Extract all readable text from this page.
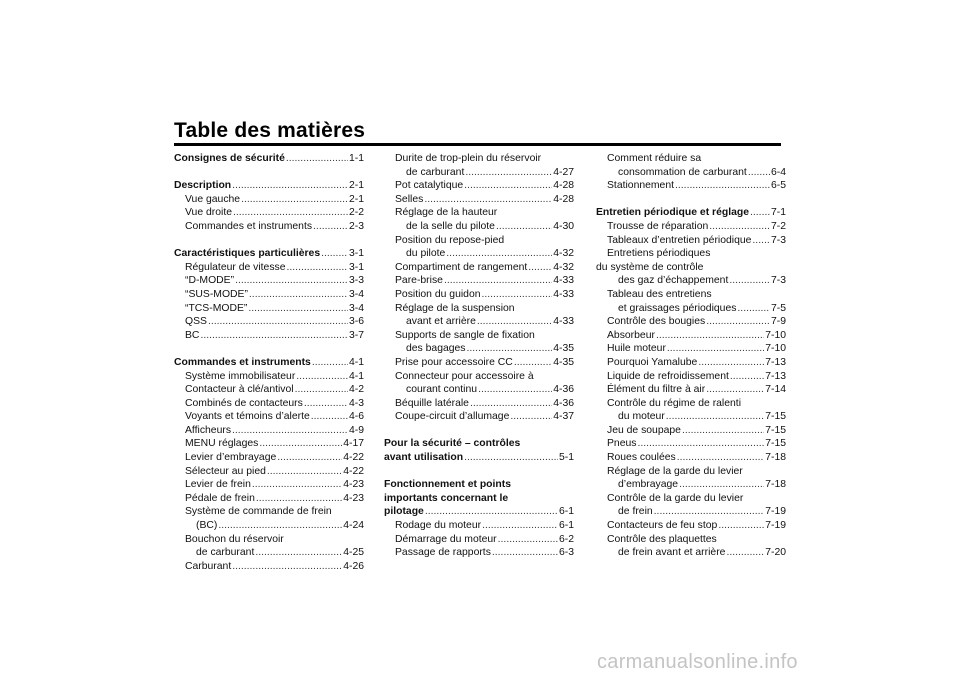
Table des matières
Consignes de sécurité .....	1-1
Description .....	2-1
Vue gauche .....	2-1
Vue droite .....	2-2
Commandes et instruments .....	2-3
Caractéristiques particulières .....	3-1
Régulateur de vitesse .....	3-1
“D-MODE” .....	3-3
“SUS-MODE” .....	3-4
“TCS-MODE” .....	3-4
QSS .....	3-6
BC .....	3-7
Commandes et instruments .....	4-1
Système immobilisateur .....	4-1
Contacteur à clé/antivol .....	4-2
Combinés de contacteurs .....	4-3
Voyants et témoins d’alerte .....	4-6
Afficheurs .....	4-9
MENU réglages .....	4-17
Levier d’embrayage .....	4-22
Sélecteur au pied .....	4-22
Levier de frein .....	4-23
Pédale de frein .....	4-23
Système de commande de frein
(BC) .....	4-24
Bouchon du réservoir
de carburant .....	4-25
Carburant .....	4-26
Durite de trop-plein du réservoir
de carburant .....	4-27
Pot catalytique .....	4-28
Selles .....	4-28
Réglage de la hauteur
de la selle du pilote .....	4-30
Position du repose-pied
du pilote .....	4-32
Compartiment de rangement ..... 4-32
Pare-brise .....	4-33
Position du guidon .....	4-33
Réglage de la suspension
avant et arrière .....	4-33
Supports de sangle de fixation
des bagages .....	4-35
Prise pour accessoire CC .....	4-35
Connecteur pour accessoire à
courant continu .....	4-36
Béquille latérale .....	4-36
Coupe-circuit d’allumage .....	4-37
Pour la sécurité – contrôles
avant utilisation .....	5-1
Fonctionnement et points
importants concernant le
pilotage .....	6-1
Rodage du moteur .....	6-1
Démarrage du moteur .....	6-2
Passage de rapports .....	6-3
Comment réduire sa
consommation de carburant ..... 6-4
Stationnement .....	6-5
Entretien périodique et réglage ..... 7-1
Trousse de réparation .....	7-2
Tableaux d’entretien périodique ..... 7-3
Entretiens périodiques
du système de contrôle
des gaz d’échappement .....	7-3
Tableau des entretiens
et graissages périodiques .....	7-5
Contrôle des bougies .....	7-9
Absorbeur .....	7-10
Huile moteur .....	7-10
Pourquoi Yamalube .....	7-13
Liquide de refroidissement .....	7-13
Élément du filtre à air .....	7-14
Contrôle du régime de ralenti
du moteur .....	7-15
Jeu de soupape .....	7-15
Pneus .....	7-15
Roues coulées .....	7-18
Réglage de la garde du levier
d’embrayage .....	7-18
Contrôle de la garde du levier
de frein .....	7-19
Contacteurs de feu stop .....	7-19
Contrôle des plaquettes
de frein avant et arrière .....	7-20
carmanualsonline.info
